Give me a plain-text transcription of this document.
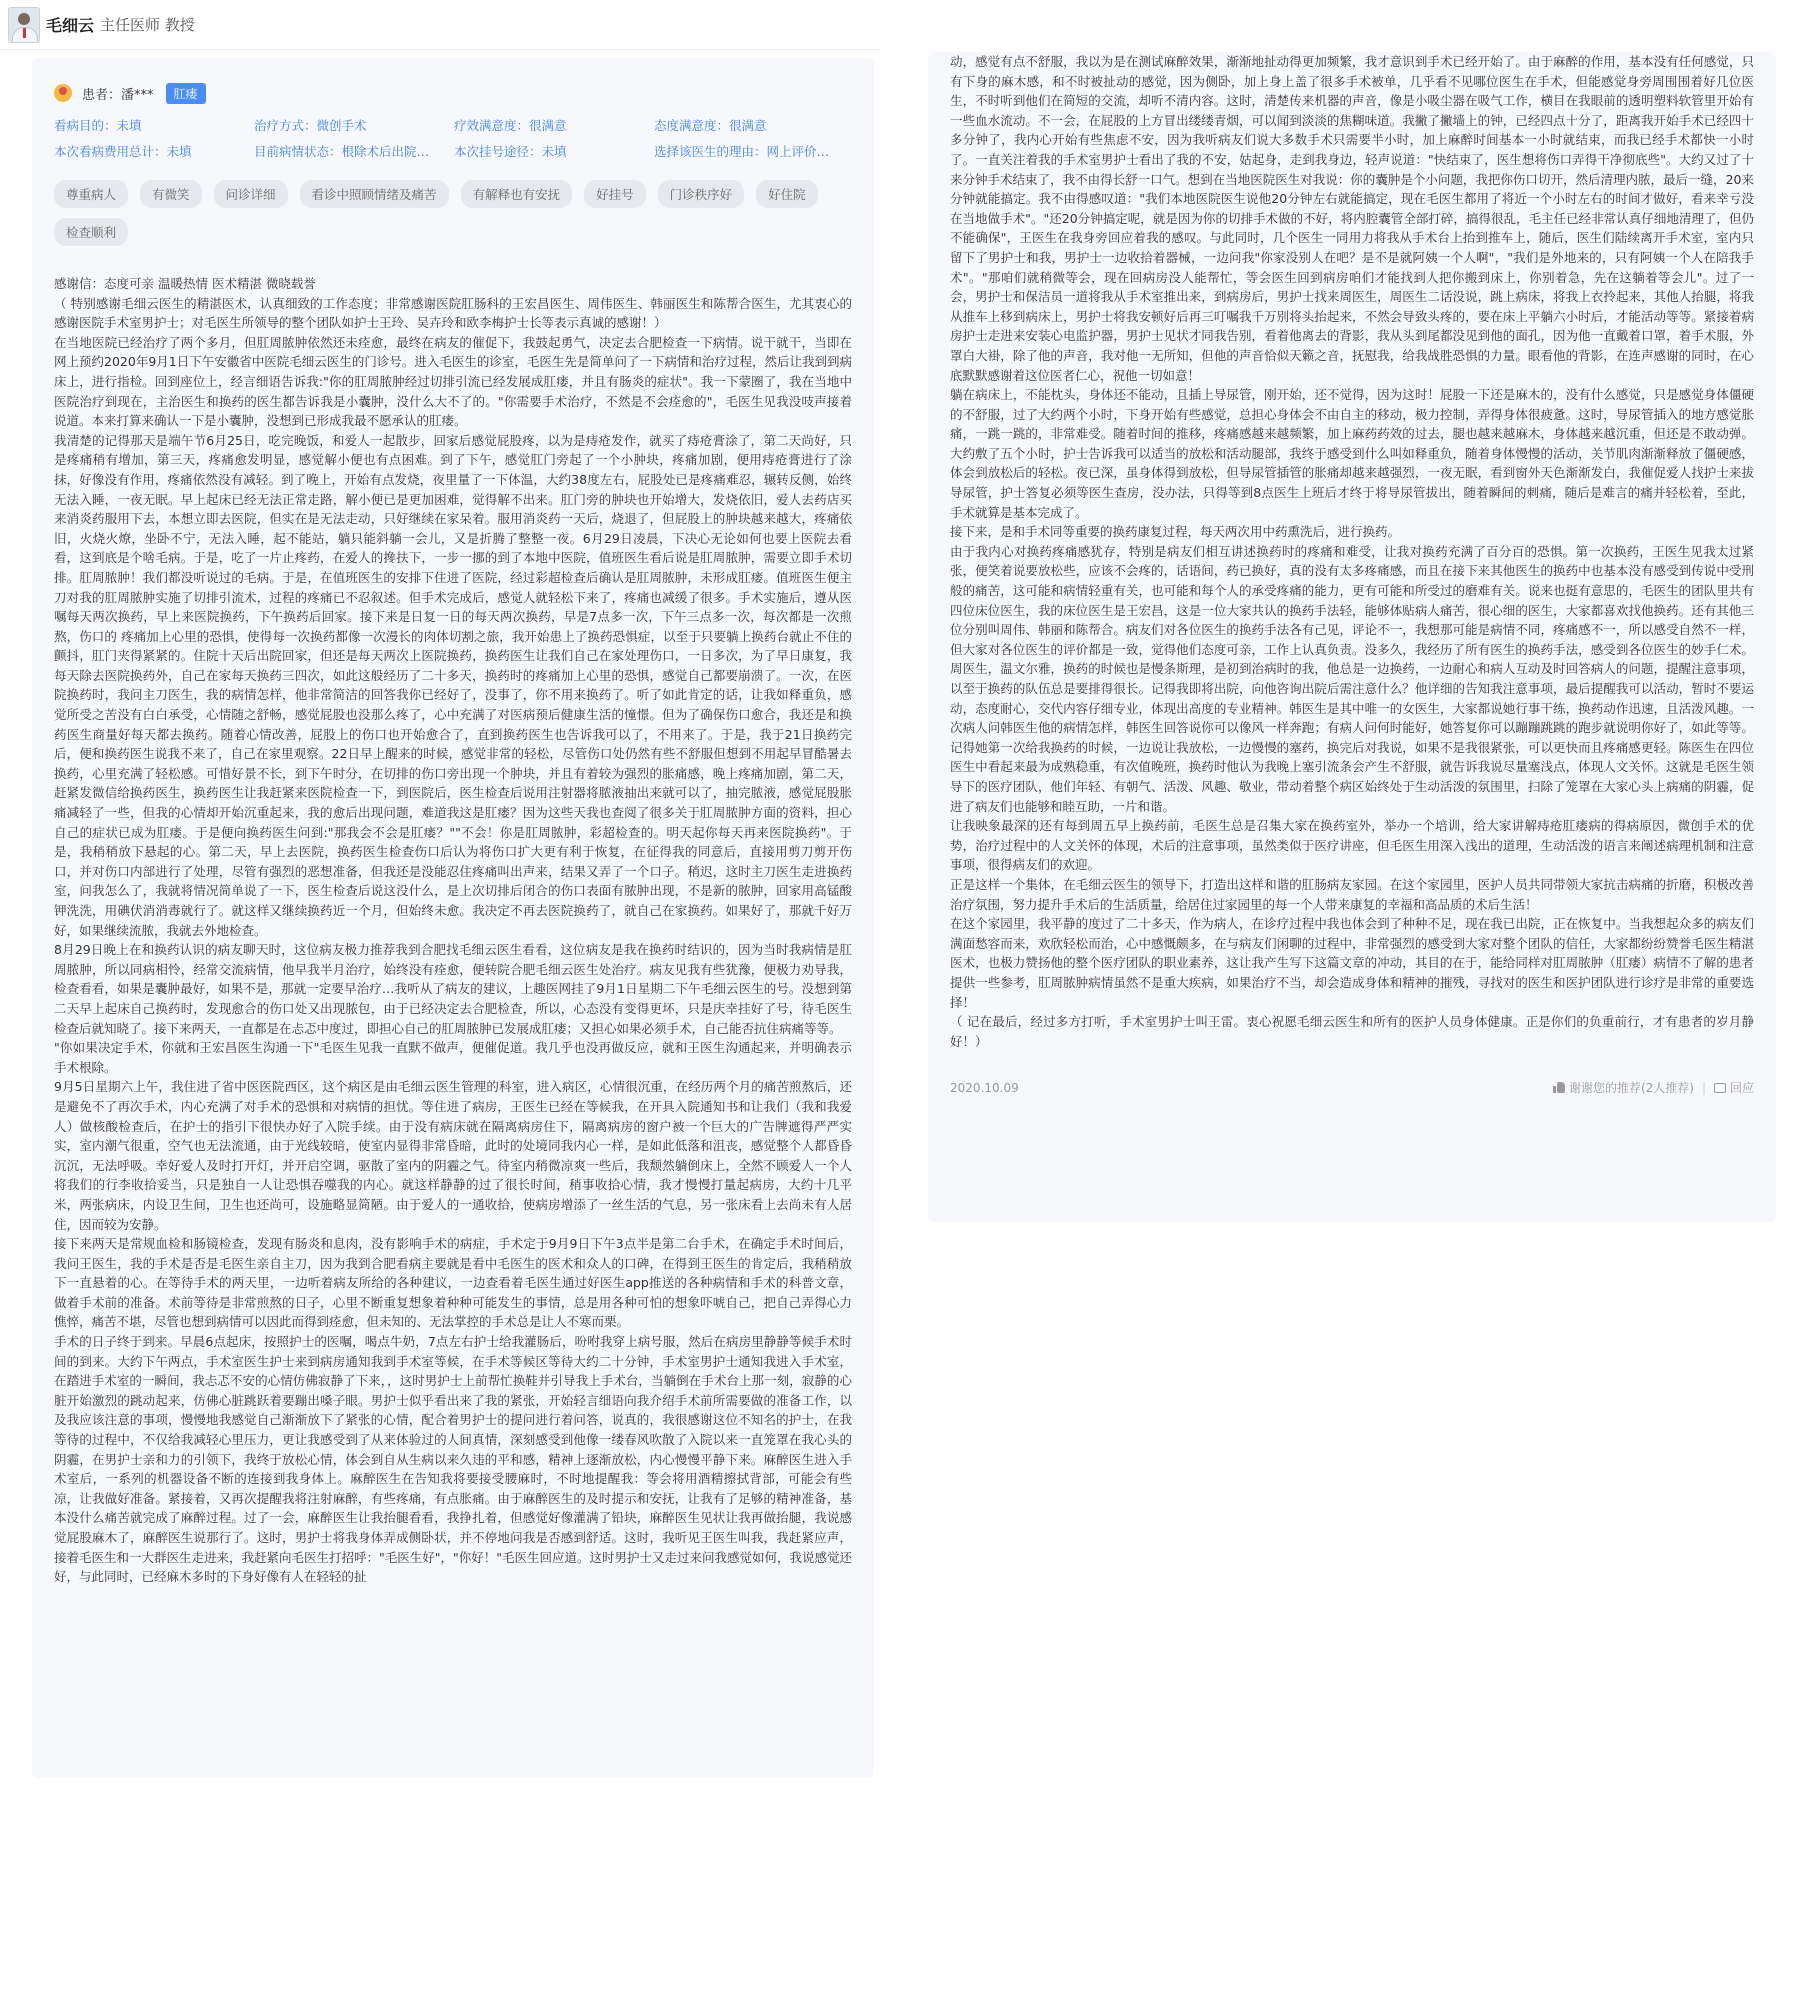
毛细云 主任医师 教授
患者：潘***	肛瘘
看病目的：未填	治疗方式：微创手术	疗效满意度：很满意	态度满意度：很满意
本次看病费用总计：未填	目前病情状态：根除术后出院…	本次挂号途径：未填	选择该医生的理由：网上评价…
尊重病人	有微笑	问诊详细	看诊中照顾情绪及痛苦	有解释也有安抚	好挂号	门诊秩序好	好住院
检查顺利

感谢信：态度可亲 温暖热情 医术精湛 微晓载誉

（ 特别感谢毛细云医生的精湛医术，认真细致的工作态度；非常感谢医院肛肠科的王宏昌医生、周伟医生、韩丽医生和陈帮合医生，尤其衷心的感谢医院手术室男护士；对毛医生所领导的整个团队如护士王玲、吴卉玲和欧李梅护士长等表示真诚的感谢！）

在当地医院已经治疗了两个多月，但肛周脓肿依然还未痊愈，最终在病友的催促下，我鼓起勇气，决定去合肥检查一下病情。说干就干，当即在网上预约2020年9月1日下午安徽省中医院毛细云医生的门诊号。进入毛医生的诊室，毛医生先是简单问了一下病情和治疗过程，然后让我到到病床上，进行指检。回到座位上，经言细语告诉我:"你的肛周脓肿经过切排引流已经发展成肛瘘，并且有肠炎的症状"。我一下蒙圈了，我在当地中医院治疗到现在，主治医生和换药的医生都告诉我是小囊肿，没什么大不了的。"你需要手术治疗，不然是不会痊愈的"，毛医生见我没吱声接着说道。本来打算来确认一下是小囊肿，没想到已形成我最不愿承认的肛瘘。

我清楚的记得那天是端午节6月25日，吃完晚饭，和爱人一起散步，回家后感觉屁股疼，以为是痔疮发作，就买了痔疮膏涂了，第二天尚好，只是疼痛稍有增加，第三天，疼痛愈发明显，感觉解小便也有点困难。到了下午，感觉肛门旁起了一个小肿块，疼痛加剧，便用痔疮膏进行了涂抹，好像没有作用，疼痛依然没有减轻。到了晚上，开始有点发烧，夜里量了一下体温，大约38度左右，屁股处已是疼痛难忍，辗转反侧，始终无法入睡，一夜无眠。早上起床已经无法正常走路，解小便已是更加困难，觉得解不出来。肛门旁的肿块也开始增大，发烧依旧，爱人去药店买来消炎药服用下去，本想立即去医院，但实在是无法走动，只好继续在家呆着。服用消炎药一天后，烧退了，但屁股上的肿块越来越大，疼痛依旧，火烧火燎，坐卧不宁，无法入睡，起不能站，躺只能斜躺一会儿，又是折腾了整整一夜。6月29日凌晨，下决心无论如何也要上医院去看看，这到底是个啥毛病。于是，吃了一片止疼药，在爱人的搀扶下，一步一挪的到了本地中医院，值班医生看后说是肛周脓肿，需要立即手术切排。肛周脓肿！我们都没听说过的毛病。于是，在值班医生的安排下住进了医院，经过彩超检查后确认是肛周脓肿，未形成肛瘘。值班医生便主刀对我的肛周脓肿实施了切排引流术，过程的疼痛已不忍叙述。但手术完成后，感觉人就轻松下来了，疼痛也减缓了很多。手术实施后，遵从医嘱每天两次换药，早上来医院换药，下午换药后回家。接下来是日复一日的每天两次换药，早是7点多一次，下午三点多一次，每次都是一次煎熬，伤口的 疼痛加上心里的恐惧，使得每一次换药都像一次漫长的肉体切割之旅，我开始患上了换药恐惧症，以至于只要躺上换药台就止不住的颤抖，肛门夹得紧紧的。住院十天后出院回家，但还是每天两次上医院换药，换药医生让我们自己在家处理伤口，一日多次，为了早日康复，我每天除去医院换药外，自己在家每天换药三四次，如此这般经历了二十多天，换药时的疼痛加上心里的恐惧，感觉自己都要崩溃了。一次，在医院换药时，我问主刀医生，我的病情怎样，他非常简洁的回答我你已经好了，没事了，你不用来换药了。听了如此肯定的话，让我如释重负，感觉所受之苦没有白白承受，心情随之舒畅，感觉屁股也没那么疼了，心中充满了对医病预后健康生活的憧憬。但为了确保伤口愈合，我还是和换药医生商量好每天都去换药。随着心情改善，屁股上的伤口也开始愈合了，直到换药医生也告诉我可以了，不用来了。于是，我于21日换药完后，便和换药医生说我不来了，自己在家里观察。22日早上醒来的时候，感觉非常的轻松，尽管伤口处仍然有些不舒服但想到不用起早冒酷暑去换药，心里充满了轻松感。可惜好景不长，到下午时分，在切排的伤口旁出现一个肿块，并且有着较为强烈的胀痛感，晚上疼痛加剧，第二天，赶紧发微信给换药医生，换药医生让我赶紧来医院检查一下，到医院后，医生检查后说用注射器将脓液抽出来就可以了，抽完脓液，感觉屁股胀痛减轻了一些，但我的心情却开始沉重起来，我的愈后出现问题，难道我这是肛瘘？因为这些天我也查阅了很多关于肛周脓肿方面的资料，担心自己的症状已成为肛瘘。于是便向换药医生问到:"那我会不会是肛瘘？""不会！你是肛周脓肿，彩超检查的。明天起你每天再来医院换药"。于是，我稍稍放下悬起的心。第二天，早上去医院，换药医生检查伤口后认为将伤口扩大更有利于恢复，在征得我的同意后，直接用剪刀剪开伤口，并对伤口内部进行了处理，尽管有强烈的恶想准备，但我还是没能忍住疼痛叫出声来，结果又弄了一个口子。稍迟，这时主刀医生走进换药室，问我怎么了，我就将情况简单说了一下，医生检查后说这没什么，是上次切排后闭合的伤口表面有脓肿出现，不是新的脓肿，回家用高锰酸钾洗洗，用碘伏消消毒就行了。就这样又继续换药近一个月，但始终未愈。我决定不再去医院换药了，就自己在家换药。如果好了，那就千好万好，如果继续流脓，我就去外地检查。

8月29日晚上在和换药认识的病友聊天时，这位病友极力推荐我到合肥找毛细云医生看看，这位病友是我在换药时结识的，因为当时我病情是肛周脓肿，所以同病相怜，经常交流病情，他早我半月治疗，始终没有痊愈，便转院合肥毛细云医生处治疗。病友见我有些犹豫，便极力劝导我，检查看看，如果是囊肿最好，如果不是，那就一定要早治疗…我听从了病友的建议，上趣医网挂了9月1日星期二下午毛细云医生的号。没想到第二天早上起床自己换药时，发现愈合的伤口处又出现脓包，由于已经决定去合肥检查，所以，心态没有变得更坏，只是庆幸挂好了号，待毛医生检查后就知晓了。接下来两天，一直都是在忐忑中度过，即担心自己的肛周脓肿已发展成肛瘘；又担心如果必须手术，自己能否抗住病痛等等。

"你如果决定手术，你就和王宏昌医生沟通一下"毛医生见我一直默不做声，便催促道。我几乎也没再做反应，就和王医生沟通起来，并明确表示手术根除。

9月5日星期六上午，我住进了省中医医院西区，这个病区是由毛细云医生管理的科室，进入病区，心情很沉重，在经历两个月的痛苦煎熬后，还是避免不了再次手术，内心充满了对手术的恐惧和对病情的担忧。等住进了病房，王医生已经在等候我，在开具入院通知书和让我们（我和我爱人）做核酸检查后，在护士的指引下很快办好了入院手续。由于没有病床就在隔离病房住下，隔离病房的窗户被一个巨大的广告牌遮得严严实实，室内潮气很重，空气也无法流通，由于光线较暗，使室内显得非常昏暗，此时的处境同我内心一样，是如此低落和沮丧，感觉整个人都昏昏沉沉，无法呼吸。幸好爱人及时打开灯，并开启空调，驱散了室内的阴霾之气。待室内稍微凉爽一些后，我颓然躺倒床上，全然不顾爱人一个人将我们的行李收拾妥当，只是独自一人让恐惧吞噬我的内心。就这样静静的过了很长时间，稍事收拾心情，我才慢慢打量起病房，大约十几平米，两张病床，内设卫生间，卫生也还尚可，设施略显简陋。由于爱人的一通收拾，使病房增添了一丝生活的气息，另一张床看上去尚未有人居住，因而较为安静。

接下来两天是常规血检和肠镜检查，发现有肠炎和息肉，没有影响手术的病症，手术定于9月9日下午3点半是第二台手术，在确定手术时间后，我问王医生，我的手术是否是毛医生亲自主刀，因为我到合肥看病主要就是看中毛医生的医术和众人的口碑，在得到王医生的肯定后，我稍稍放下一直悬着的心。在等待手术的两天里，一边听着病友所给的各种建议，一边查看着毛医生通过好医生app推送的各种病情和手术的科普文章，做着手术前的准备。术前等待是非常煎熬的日子，心里不断重复想象着种种可能发生的事情，总是用各种可怕的想象吓唬自己，把自己弄得心力憔悴，痛苦不堪，尽管也想到病情可以因此而得到痊愈，但未知的、无法掌控的手术总是让人不寒而栗。

手术的日子终于到来。早晨6点起床，按照护士的医嘱，喝点牛奶，7点左右护士给我灌肠后，吩咐我穿上病号服，然后在病房里静静等候手术时间的到来。大约下午两点，手术室医生护士来到病房通知我到手术室等候，在手术等候区等待大约二十分钟，手术室男护士通知我进入手术室，在踏进手术室的一瞬间，我忐忑不安的心情仿佛寂静了下来，，这时男护士上前帮忙换鞋并引导我上手术台，当躺倒在手术台上那一刻，寂静的心脏开始激烈的跳动起来，仿佛心脏跳跃着要蹦出嗓子眼。男护士似乎看出来了我的紧张，开始轻言细语向我介绍手术前所需要做的准备工作，以及我应该注意的事项，慢慢地我感觉自己渐渐放下了紧张的心情，配合着男护士的提问进行着问答，说真的，我很感谢这位不知名的护士，在我等待的过程中，不仅给我减轻心里压力，更让我感受到了从来体验过的人间真情，深刻感受到他像一缕春风吹散了入院以来一直笼罩在我心头的阴霾，在男护士亲和力的引领下，我终于放松心情，体会到自从生病以来久违的平和感，精神上逐渐放松，内心慢慢平静下来。麻醉医生进入手术室后，一系列的机器设备不断的连接到我身体上。麻醉医生在告知我将要接受腰麻时，不时地提醒我：等会将用酒精擦拭背部，可能会有些凉，让我做好准备。紧接着，又再次提醒我将注射麻醉，有些疼痛，有点胀痛。由于麻醉医生的及时提示和安抚，让我有了足够的精神准备，基本没什么痛苦就完成了麻醉过程。过了一会，麻醉医生让我抬腿看看，我挣扎着，但感觉好像灌满了铅块，麻醉医生见状让我再做抬腿，我说感觉屁股麻木了，麻醉医生说那行了。这时，男护士将我身体弄成侧卧状，并不停地问我是否感到舒适。这时，我听见王医生叫我，我赶紧应声，接着毛医生和一大群医生走进来，我赶紧向毛医生打招呼："毛医生好"，"你好！"毛医生回应道。这时男护士又走过来问我感觉如何，我说感觉还好，与此同时，已经麻木多时的下身好像有人在轻轻的扯

动，感觉有点不舒服，我以为是在测试麻醉效果，渐渐地扯动得更加频繁，我才意识到手术已经开始了。由于麻醉的作用，基本没有任何感觉，只有下身的麻木感，和不时被扯动的感觉，因为侧卧，加上身上盖了很多手术被单，几乎看不见哪位医生在手术，但能感觉身旁周围围着好几位医生，不时听到他们在简短的交流，却听不清内容。这时，清楚传来机器的声音，像是小吸尘器在吸气工作，横目在我眼前的透明塑料软管里开始有一些血水流动。不一会，在屁股的上方冒出缕缕青烟，可以闻到淡淡的焦糊味道。我撇了撇墙上的钟，已经四点十分了，距离我开始手术已经四十多分钟了，我内心开始有些焦虑不安，因为我听病友们说大多数手术只需要半小时，加上麻醉时间基本一小时就结束，而我已经手术都快一小时了。一直关注着我的手术室男护士看出了我的不安，姑起身，走到我身边，轻声说道："快结束了，医生想将伤口弄得干净彻底些"。大约又过了十来分钟手术结束了，我不由得长舒一口气。想到在当地医院医生对我说：你的囊肿是个小问题，我把你伤口切开，然后清理内脓，最后一缝，20来分钟就能搞定。我不由得感叹道："我们本地医院医生说他20分钟左右就能搞定，现在毛医生都用了将近一个小时左右的时间才做好，看来幸亏没在当地做手术"。"还20分钟搞定呢，就是因为你的切排手术做的不好，将内腔囊管全部打碎，搞得很乱，毛主任已经非常认真仔细地清理了，但仍不能确保"，王医生在我身旁回应着我的感叹。与此同时，几个医生一同用力将我从手术台上抬到推车上，随后，医生们陆续离开手术室，室内只留下了男护士和我，男护士一边收拾着器械，一边问我"你家没别人在吧？是不是就阿姨一个人啊"，"我们是外地来的，只有阿姨一个人在陪我手术"。"那咱们就稍微等会，现在回病房没人能帮忙，等会医生回到病房咱们才能找到人把你搬到床上，你别着急，先在这躺着等会儿"。过了一会，男护士和保洁员一道将我从手术室推出来，到病房后，男护士找来周医生，周医生二话没说，跳上病床，将我上衣拎起来，其他人抬腿，将我从推车上移到病床上，男护士将我安顿好后再三叮嘱我千万别将头抬起来，不然会导致头疼的，要在床上平躺六小时后，才能活动等等。紧接着病房护士走进来安装心电监护器，男护士见状才同我告别，看着他离去的背影，我从头到尾都没见到他的面孔，因为他一直戴着口罩，着手术服，外罩白大褂，除了他的声音，我对他一无所知，但他的声音恰似天籁之音，抚慰我，给我战胜恐惧的力量。眼看他的背影，在连声感谢的同时，在心底默默感谢着这位医者仁心，祝他一切如意！

躺在病床上，不能枕头，身体还不能动，且插上导尿管，刚开始，还不觉得，因为这时！屁股一下还是麻木的，没有什么感觉，只是感觉身体僵硬的不舒服，过了大约两个小时，下身开始有些感觉，总担心身体会不由自主的移动，极力控制，弄得身体很疲惫。这时，导尿管插入的地方感觉胀痛，一跳一跳的，非常难受。随着时间的推移，疼痛感越来越频繁，加上麻药药效的过去，腿也越来越麻木，身体越来越沉重，但还是不敢动弹。大约敷了五个小时，护士告诉我可以适当的放松和活动腿部，我终于感受到什么叫如释重负，随着身体慢慢的活动，关节肌肉渐渐释放了僵硬感，体会到放松后的轻松。夜已深，虽身体得到放松，但导尿管插管的胀痛却越来越强烈，一夜无眠，看到窗外天色渐渐发白，我催促爱人找护士来拔导尿管，护士答复必须等医生查房，没办法，只得等到8点医生上班后才终于将导尿管拔出，随着瞬间的刺痛，随后是难言的痛并轻松着，至此，手术就算是基本完成了。

接下来，是和手术同等重要的换药康复过程，每天两次用中药熏洗后，进行换药。

由于我内心对换药疼痛感犹存，特别是病友们相互讲述换药时的疼痛和难受，让我对换药充满了百分百的恐惧。第一次换药，王医生见我太过紧张，便笑着说要放松些，应该不会疼的，话语间，药已换好，真的没有太多疼痛感，而且在接下来其他医生的换药中也基本没有感受到传说中受刑般的痛苦，这可能和病情轻重有关，也可能和每个人的承受疼痛的能力，更有可能和所受过的磨难有关。说来也挺有意思的，毛医生的团队里共有四位床位医生，我的床位医生是王宏昌，这是一位大家共认的换药手法轻，能够体贴病人痛苦，很心细的医生，大家都喜欢找他换药。还有其他三位分别叫周伟、韩丽和陈帮合。病友们对各位医生的换药手法各有己见，评论不一，我想那可能是病情不同，疼痛感不一，所以感受自然不一样，但大家对各位医生的评价都是一致，觉得他们态度可亲，工作上认真负责。没多久，我经历了所有医生的换药手法，感受到各位医生的妙手仁术。周医生，温文尔雅，换药的时候也是慢条斯理，是初到治病时的我，他总是一边换药，一边耐心和病人互动及时回答病人的问题，提醒注意事项，以至于换药的队伍总是要排得很长。记得我即将出院，向他咨询出院后需注意什么？他详细的告知我注意事项，最后提醒我可以活动，暂时不要运动，态度耐心，交代内容仔细专业，体现出高度的专业精神。韩医生是其中唯一的女医生，大家都说她行事干练，换药动作迅速，且活泼风趣。一次病人问韩医生他的病情怎样，韩医生回答说你可以像风一样奔跑；有病人问何时能好，她答复你可以蹦蹦跳跳的跑步就说明你好了，如此等等。记得她第一次给我换药的时候，一边说让我放松，一边慢慢的塞药，换完后对我说，如果不是我很紧张，可以更快而且疼痛感更轻。陈医生在四位医生中看起来最为成熟稳重，有次值晚班，换药时他认为我晚上塞引流条会产生不舒服，就告诉我说尽量塞浅点，体现人文关怀。这就是毛医生领导下的医疗团队，他们年轻、有朝气、活泼、风趣、敬业，带动着整个病区始终处于生动活泼的氛围里，扫除了笼罩在大家心头上病痛的阴霾，促进了病友们也能够和睦互助，一片和谐。

让我映象最深的还有每到周五早上换药前，毛医生总是召集大家在换药室外，举办一个培训，给大家讲解痔疮肛瘘病的得病原因，微创手术的优势，治疗过程中的人文关怀的体现，术后的注意事项，虽然类似于医疗讲座，但毛医生用深入浅出的道理，生动活泼的语言来阐述病理机制和注意事项，很得病友们的欢迎。

正是这样一个集体，在毛细云医生的领导下，打造出这样和谐的肛肠病友家园。在这个家园里，医护人员共同带领大家抗击病痛的折磨，积极改善治疗氛围，努力提升手术后的生活质量，给居住过家园里的每一个人带来康复的幸福和高品质的术后生活！

在这个家园里，我平静的度过了二十多天，作为病人，在诊疗过程中我也体会到了种种不足，现在我已出院，正在恢复中。当我想起众多的病友们满面愁容而来，欢欣轻松而治，心中感慨颇多，在与病友们闲聊的过程中，非常强烈的感受到大家对整个团队的信任，大家都纷纷赞誉毛医生精湛医术，也极力赞扬他的整个医疗团队的职业素养，这让我产生写下这篇文章的冲动，其目的在于，能给同样对肛周脓肿（肛瘘）病情不了解的患者提供一些参考，肛周脓肿病情虽然不是重大疾病，如果治疗不当，却会造成身体和精神的摧残，寻找对的医生和医护团队进行诊疗是非常的重要选择！

（ 记在最后，经过多方打听，手术室男护士叫王雷。衷心祝愿毛细云医生和所有的医护人员身体健康。正是你们的负重前行，才有患者的岁月静好！）

2020.10.09	谢谢您的推荐(2人推荐) |	回应
